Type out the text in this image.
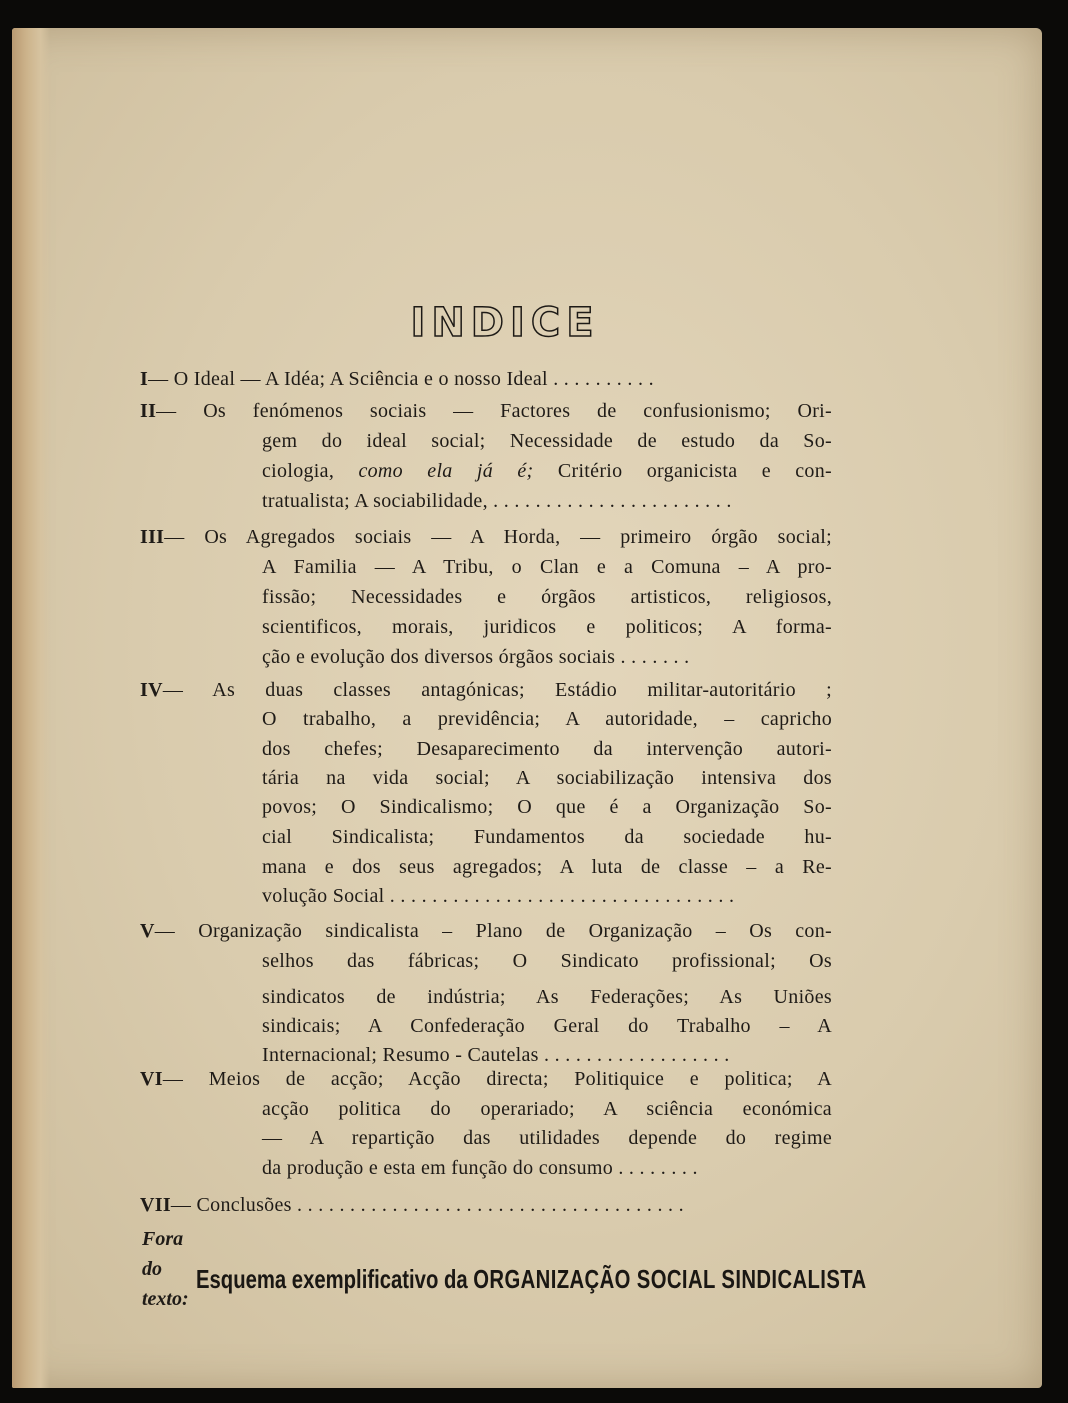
INDICE
I— O Ideal — A Idéa; A Sciência e o nosso Ideal . . . . . . . . . .
II— Os fenómenos sociais — Factores de confusionismo; Ori-
gem do ideal social; Necessidade de estudo da So-
ciologia, como ela já é; Critério organicista e con-
tratualista; A sociabilidade, . . . . . . . . . . . . . . . . . . . . . . .
III— Os Agregados sociais — A Horda, — primeiro órgão social;
A Familia — A Tribu, o Clan e a Comuna – A pro-
fissão; Necessidades e órgãos artisticos, religiosos,
scientificos, morais, juridicos e politicos; A forma-
ção e evolução dos diversos órgãos sociais . . . . . . .
IV— As duas classes antagónicas; Estádio militar-autoritário ;
O trabalho, a previdência; A autoridade, – capricho
dos chefes; Desaparecimento da intervenção autori-
tária na vida social; A sociabilização intensiva dos
povos; O Sindicalismo; O que é a Organização So-
cial Sindicalista; Fundamentos da sociedade hu-
mana e dos seus agregados; A luta de classe – a Re-
volução Social . . . . . . . . . . . . . . . . . . . . . . . . . . . . . . . . .
V— Organização sindicalista – Plano de Organização – Os con-
selhos das fábricas; O Sindicato profissional; Os
sindicatos de indústria; As Federações; As Uniões
sindicais; A Confederação Geral do Trabalho – A
Internacional; Resumo - Cautelas . . . . . . . . . . . . . . . . . .
VI— Meios de acção; Acção directa; Politiquice e politica; A
acção politica do operariado; A sciência económica
— A repartição das utilidades depende do regime
da produção e esta em função do consumo . . . . . . . .
VII— Conclusões . . . . . . . . . . . . . . . . . . . . . . . . . . . . . . . . . . . . .
Fora do texto:
Esquema exemplificativo da ORGANIZAÇÃO SOCIAL SINDICALISTA
